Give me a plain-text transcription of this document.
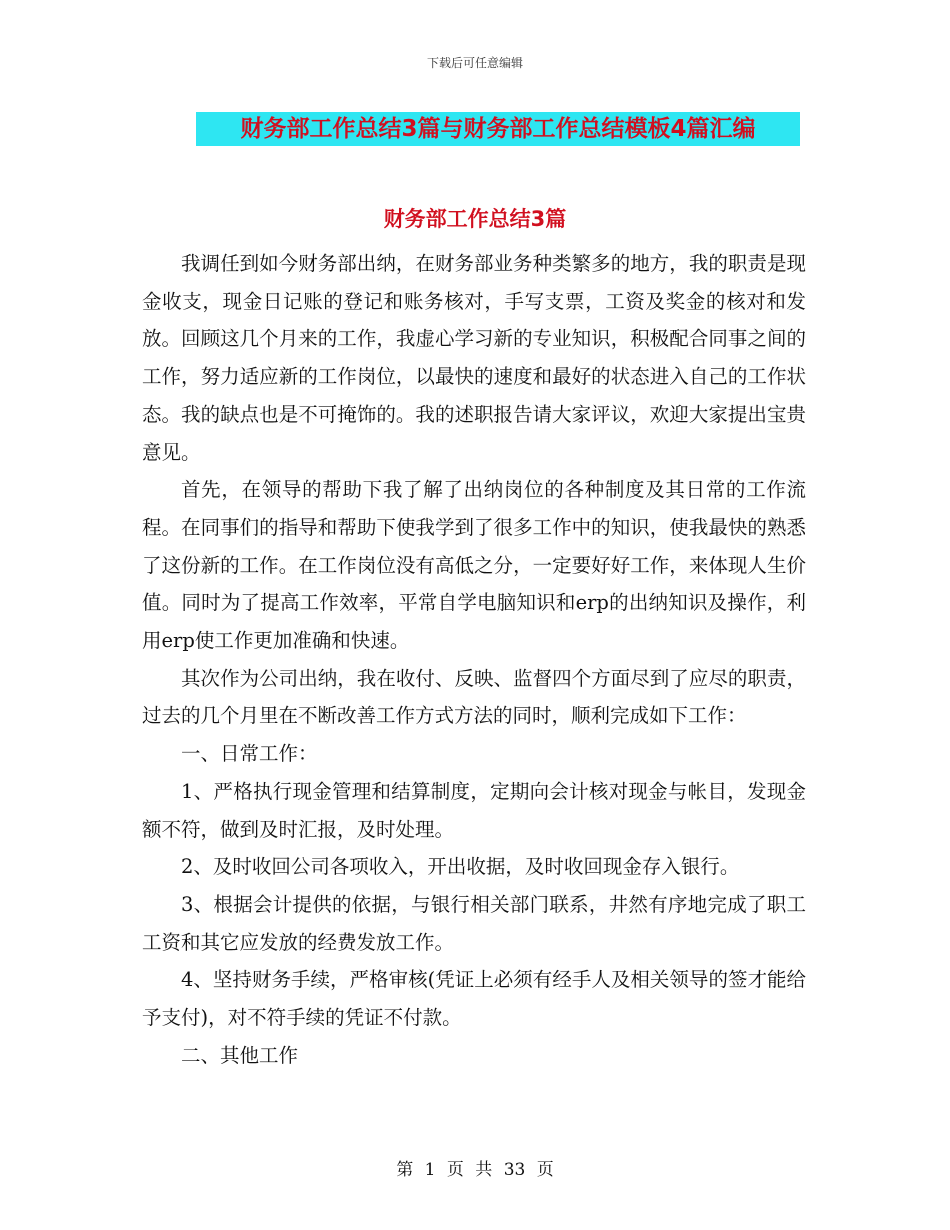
下载后可任意编辑
财务部工作总结3篇与财务部工作总结模板4篇汇编
财务部工作总结3篇

我调任到如今财务部出纳，在财务部业务种类繁多的地方，我的职责是现金收支，现金日记账的登记和账务核对，手写支票，工资及奖金的核对和发放。回顾这几个月来的工作，我虚心学习新的专业知识，积极配合同事之间的工作，努力适应新的工作岗位，以最快的速度和最好的状态进入自己的工作状态。我的缺点也是不可掩饰的。我的述职报告请大家评议，欢迎大家提出宝贵意见。

首先，在领导的帮助下我了解了出纳岗位的各种制度及其日常的工作流程。在同事们的指导和帮助下使我学到了很多工作中的知识，使我最快的熟悉了这份新的工作。在工作岗位没有高低之分，一定要好好工作，来体现人生价值。同时为了提高工作效率，平常自学电脑知识和erp的出纳知识及操作，利用erp使工作更加准确和快速。

其次作为公司出纳，我在收付、反映、监督四个方面尽到了应尽的职责，过去的几个月里在不断改善工作方式方法的同时，顺利完成如下工作：

一、日常工作：

1、严格执行现金管理和结算制度，定期向会计核对现金与帐目，发现金额不符，做到及时汇报，及时处理。

2、及时收回公司各项收入，开出收据，及时收回现金存入银行。

3、根据会计提供的依据，与银行相关部门联系，井然有序地完成了职工工资和其它应发放的经费发放工作。

4、坚持财务手续，严格审核(凭证上必须有经手人及相关领导的签才能给予支付)，对不符手续的凭证不付款。

二、其他工作

第 1 页 共 33 页
